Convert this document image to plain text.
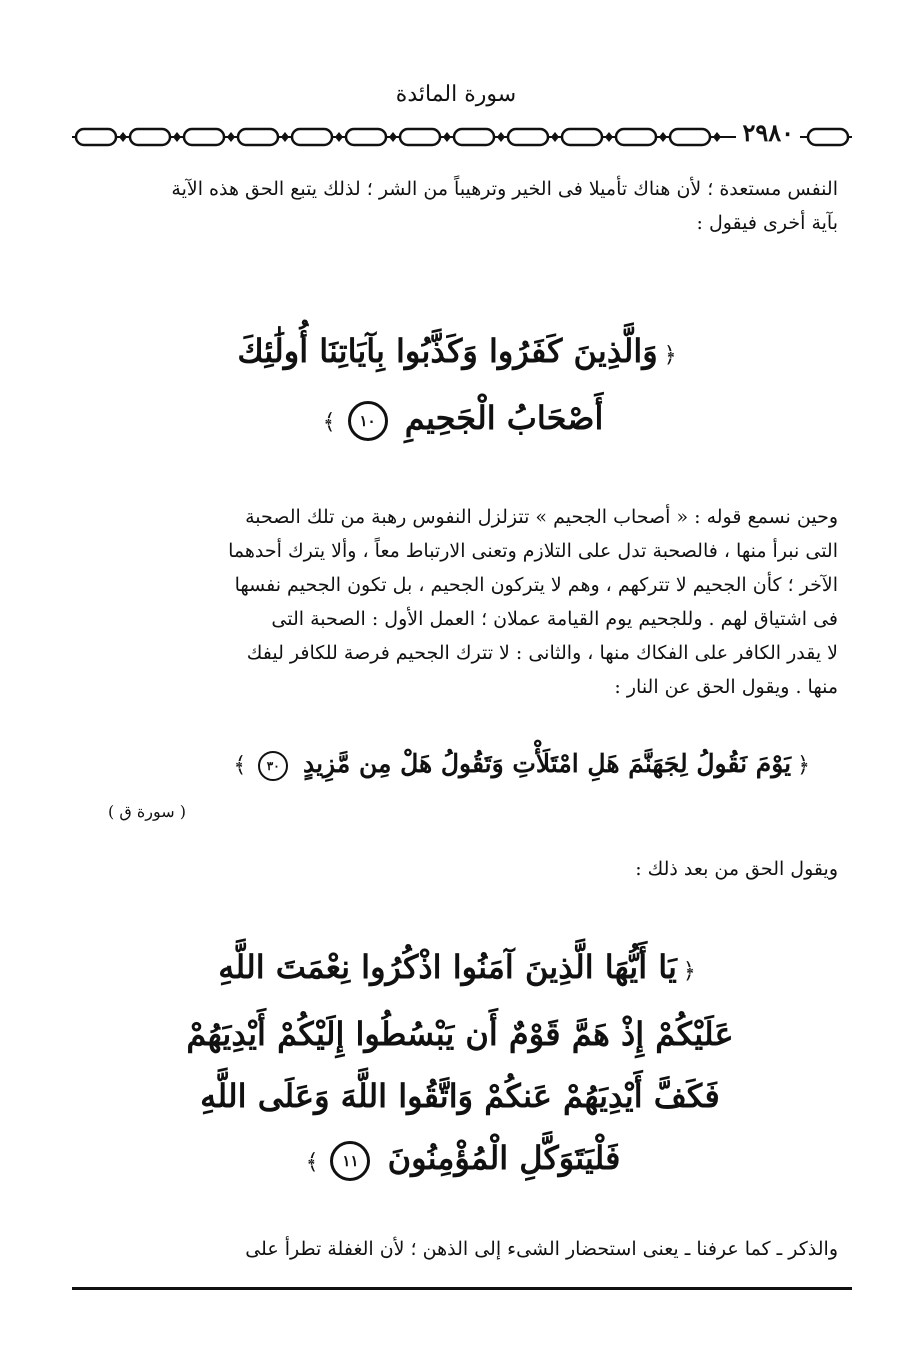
سورة المائدة
٢٩٨٠
النفس مستعدة ؛ لأن هناك تأميلا فى الخير وترهيباً من الشر ؛ لذلك يتبع الحق هذه الآية
بآية أخرى فيقول :
﴿وَالَّذِينَ كَفَرُوا وَكَذَّبُوا بِآيَاتِنَا أُولَٰئِكَ
أَصْحَابُ الْجَحِيمِ ١٠﴾
وحين نسمع قوله : « أصحاب الجحيم » تتزلزل النفوس رهبة من تلك الصحبة
التى نبرأ منها ، فالصحبة تدل على التلازم وتعنى الارتباط معاً ، وألا يترك أحدهما
الآخر ؛ كأن الجحيم لا تتركهم ، وهم لا يتركون الجحيم ، بل تكون الجحيم نفسها
فى اشتياق لهم . وللجحيم يوم القيامة عملان ؛ العمل الأول : الصحبة التى
لا يقدر الكافر على الفكاك منها ، والثانى : لا تترك الجحيم فرصة للكافر ليفك
منها . ويقول الحق عن النار :
﴿يَوْمَ نَقُولُ لِجَهَنَّمَ هَلِ امْتَلَأْتِ وَتَقُولُ هَلْ مِن مَّزِيدٍ ٣٠﴾
( سورة ق )
ويقول الحق من بعد ذلك :
﴿يَا أَيُّهَا الَّذِينَ آمَنُوا اذْكُرُوا نِعْمَتَ اللَّهِ
عَلَيْكُمْ إِذْ هَمَّ قَوْمٌ أَن يَبْسُطُوا إِلَيْكُمْ أَيْدِيَهُمْ
فَكَفَّ أَيْدِيَهُمْ عَنكُمْ وَاتَّقُوا اللَّهَ وَعَلَى اللَّهِ
فَلْيَتَوَكَّلِ الْمُؤْمِنُونَ ١١﴾
والذكر ـ كما عرفنا ـ يعنى استحضار الشىء إلى الذهن ؛ لأن الغفلة تطرأ على
